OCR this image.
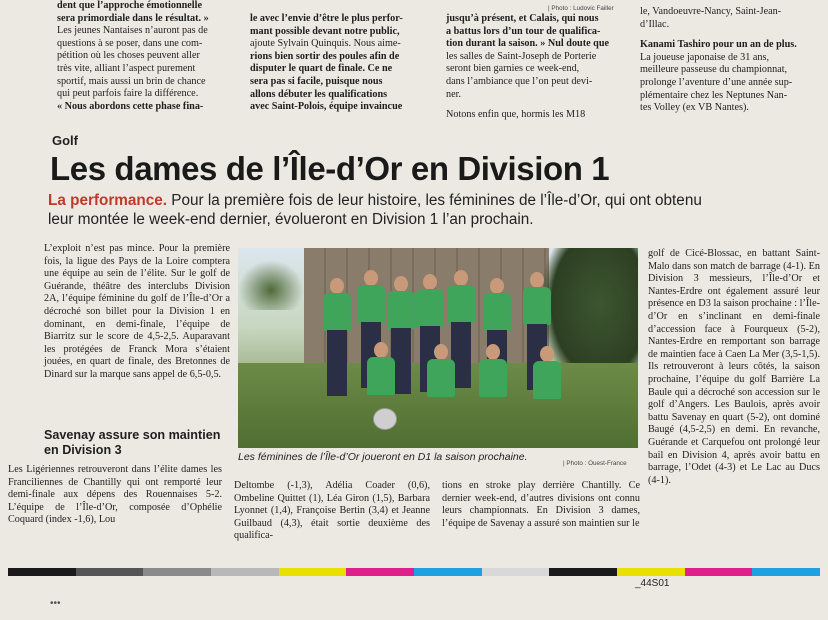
dent que l’approche émotionnelle

sera primordiale dans le résultat. »

Les jeunes Nantaises n’auront pas de

questions à se poser, dans une com-

pétition où les choses peuvent aller

très vite, alliant l’aspect purement

sportif, mais aussi un brin de chance

qui peut parfois faire la différence.

« Nous abordons cette phase fina-

le avec l’envie d’être le plus perfor-

mant possible devant notre public,

ajoute Sylvain Quinquis. Nous aime-

rions bien sortir des poules afin de

disputer le quart de finale. Ce ne

sera pas si facile, puisque nous

allons débuter les qualifications

avec Saint-Polois, équipe invaincue

jusqu’à présent, et Calais, qui nous

a battus lors d’un tour de qualifica-

tion durant la saison. » Nul doute que

les salles de Saint-Joseph de Porterie

seront bien garnies ce week-end,

dans l’ambiance que l’on peut devi-

ner.

Notons enfin que, hormis les M18

le, Vandoeuvre-Nancy, Saint-Jean-

d’Illac.

Kanami Tashiro pour un an de plus.

La joueuse japonaise de 31 ans,

meilleure passeuse du championnat,

prolonge l’aventure d’une année sup-

plémentaire chez les Neptunes Nan-

tes Volley (ex VB Nantes).

| Photo : Ludovic Failler
Golf
Les dames de l’Île-d’Or en Division 1

La performance. Pour la première fois de leur histoire, les féminines de l’Île-d’Or, qui ont obtenu leur montée le week-end dernier, évolueront en Division 1 l’an prochain.

L’exploit n’est pas mince. Pour la première fois, la ligue des Pays de la Loire comptera une équipe au sein de l’élite. Sur le golf de Guérande, théâtre des interclubs Division 2A, l’équipe féminine du golf de l’Île-d’Or a décroché son billet pour la Division 1 en dominant, en demi-finale, l’équipe de Biarritz sur le score de 4,5-2,5. Auparavant les protégées de Franck Mora s’étaient jouées, en quart de finale, des Bretonnes de Dinard sur la marque sans appel de 6,5-0,5.

Savenay assure son maintien en Division 3	Les féminines de l’Île-d’Or joueront en D1 la saison prochaine.

| Photo : Ouest-France

golf de Cicé-Blossac, en battant Saint-Malo dans son match de barrage (4-1). En Division 3 messieurs, l’Île-d’Or et Nantes-Erdre ont également assuré leur présence en D3 la saison prochaine : l’Île-d’Or en s’inclinant en demi-finale d’accession face à Fourqueux (5-2), Nantes-Erdre en remportant son barrage de maintien face à Caen La Mer (3,5-1,5). Ils retrouveront à leurs côtés, la saison prochaine, l’équipe du golf Barrière La Baule qui a décroché son accession sur le golf d’Angers. Les Baulois, après avoir battu Savenay en quart (5-2), ont dominé Baugé (4,5-2,5) en demi. En revanche, Guérande et Carquefou ont prolongé leur bail en Division 4, après avoir battu en barrage, l’Odet (4-3) et Le Lac au Ducs (4-1).

Les Ligériennes retrouveront dans l’élite dames les Franciliennes de Chantilly qui ont remporté leur demi-finale aux dépens des Rouennaises 5-2. L’équipe de l’Île-d’Or, composée d’Ophélie Coquard (index -1,6), Lou

Deltombe (-1,3), Adélia Coader (0,6), Ombeline Quittet (1), Léa Giron (1,5), Barbara Lyonnet (1,4), Françoise Bertin (3,4) et Jeanne Guilbaud (4,3), était sortie deuxième des qualifica-

tions en stroke play derrière Chantilly. Ce dernier week-end, d’autres divisions ont connu leurs championnats. En Division 3 dames, l’équipe de Savenay a assuré son maintien sur le

_44S01
•••
